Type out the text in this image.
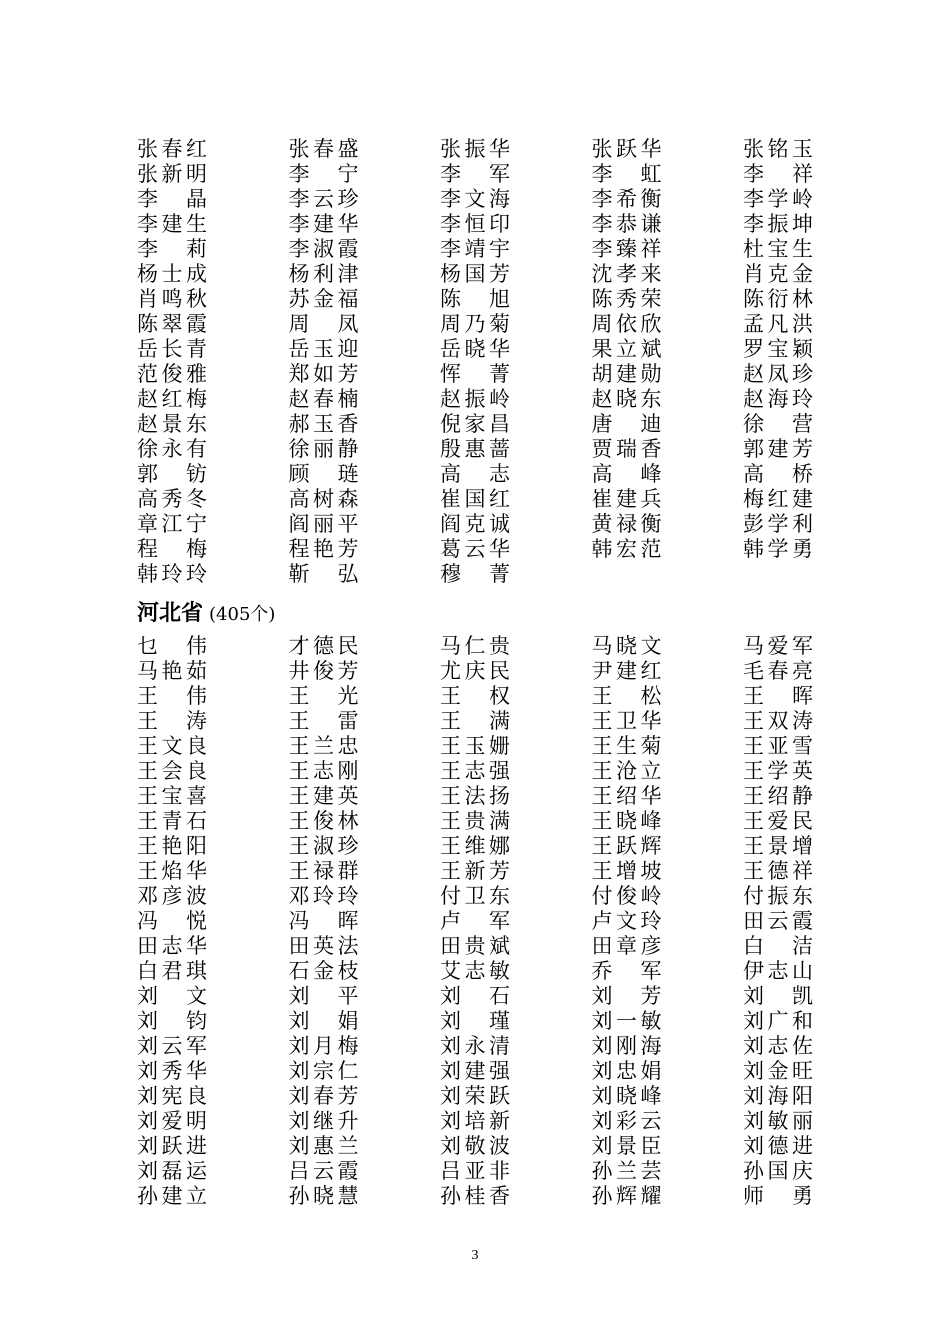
张春红	张春盛	张振华	张跃华	张铭玉
张新明	李宁	李军	李虹	李祥
李晶	李云珍	李文海	李希衡	李学岭
李建生	李建华	李恒印	李恭谦	李振坤
李莉	李淑霞	李靖宇	李臻祥	杜宝生
杨士成	杨利津	杨国芳	沈孝来	肖克金
肖鸣秋	苏金福	陈旭	陈秀荣	陈衍林
陈翠霞	周凤	周乃菊	周依欣	孟凡洪
岳长青	岳玉迎	岳晓华	果立斌	罗宝颖
范俊雅	郑如芳	恽菁	胡建勋	赵凤珍
赵红梅	赵春楠	赵振岭	赵晓东	赵海玲
赵景东	郝玉香	倪家昌	唐迪	徐营
徐永有	徐丽静	殷惠蔷	贾瑞香	郭建芳
郭钫	顾琏	高志	高峰	高桥
高秀冬	高树森	崔国红	崔建兵	梅红建
章江宁	阎丽平	阎克诚	黄禄衡	彭学利
程梅	程艳芳	葛云华	韩宏范	韩学勇
韩玲玲	靳弘	穆菁
河北省 (405个)
乜伟	才德民	马仁贵	马晓文	马爱军
马艳茹	井俊芳	尤庆民	尹建红	毛春亮
王伟	王光	王权	王松	王晖
王涛	王雷	王满	王卫华	王双涛
王文良	王兰忠	王玉姗	王生菊	王亚雪
王会良	王志刚	王志强	王沧立	王学英
王宝喜	王建英	王法扬	王绍华	王绍静
王青石	王俊林	王贵满	王晓峰	王爱民
王艳阳	王淑珍	王维娜	王跃辉	王景增
王焰华	王禄群	王新芳	王增坡	王德祥
邓彦波	邓玲玲	付卫东	付俊岭	付振东
冯悦	冯晖	卢军	卢文玲	田云霞
田志华	田英法	田贵斌	田章彦	白洁
白君琪	石金枝	艾志敏	乔军	伊志山
刘文	刘平	刘石	刘芳	刘凯
刘钧	刘娟	刘瑾	刘一敏	刘广和
刘云军	刘月梅	刘永清	刘刚海	刘志佐
刘秀华	刘宗仁	刘建强	刘忠娟	刘金旺
刘宪良	刘春芳	刘荣跃	刘晓峰	刘海阳
刘爱明	刘继升	刘培新	刘彩云	刘敏丽
刘跃进	刘惠兰	刘敬波	刘景臣	刘德进
刘磊运	吕云霞	吕亚非	孙兰芸	孙国庆
孙建立	孙晓慧	孙桂香	孙辉耀	师勇
3
